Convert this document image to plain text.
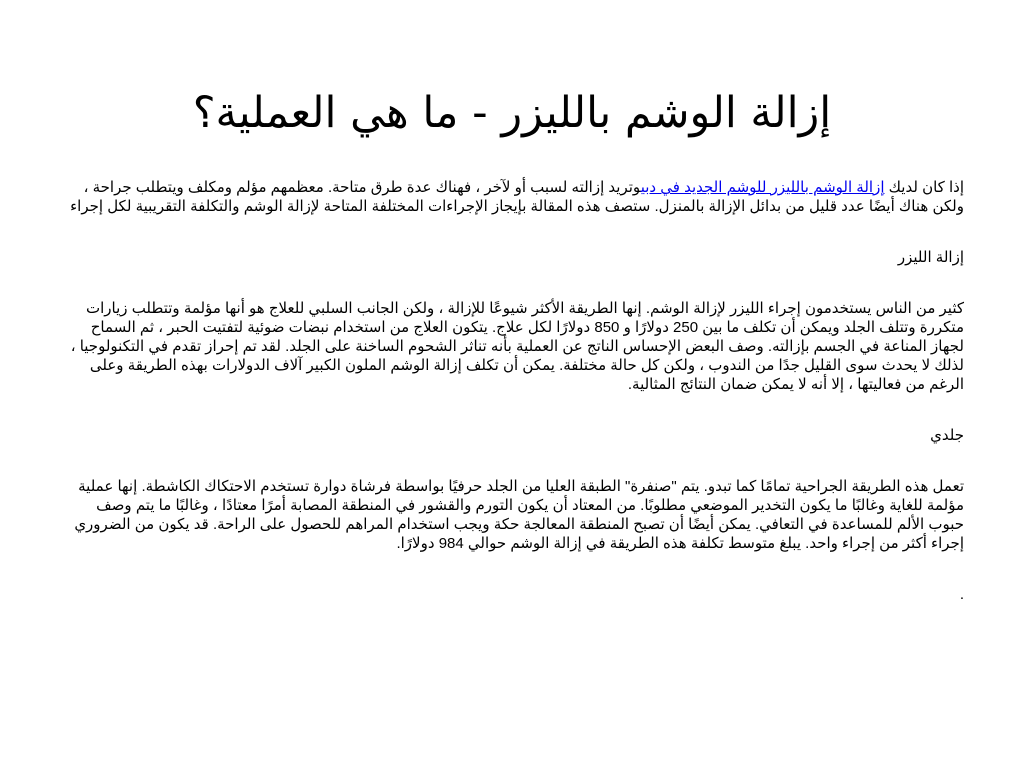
إزالة الوشم بالليزر - ما هي العملية؟

إذا كان لديك إزالة الوشم بالليزر للوشم الجديد في دبيوتريد إزالته لسبب أو لآخر ، فهناك عدة طرق متاحة. معظمهم مؤلم ومكلف ويتطلب جراحة ، ولكن هناك أيضًا عدد قليل من بدائل الإزالة بالمنزل. ستصف هذه المقالة بإيجاز الإجراءات المختلفة المتاحة لإزالة الوشم والتكلفة التقريبية لكل إجراء

إزالة الليزر

كثير من الناس يستخدمون إجراء الليزر لإزالة الوشم. إنها الطريقة الأكثر شيوعًا للإزالة ، ولكن الجانب السلبي للعلاج هو أنها مؤلمة وتتطلب زيارات متكررة وتتلف الجلد ويمكن أن تكلف ما بين 250 دولارًا و 850 دولارًا لكل علاج. يتكون العلاج من استخدام نبضات ضوئية لتفتيت الحبر ، ثم السماح لجهاز المناعة في الجسم بإزالته. وصف البعض الإحساس الناتج عن العملية بأنه تناثر الشحوم الساخنة على الجلد. لقد تم إحراز تقدم في التكنولوجيا ، لذلك لا يحدث سوى القليل جدًا من الندوب ، ولكن كل حالة مختلفة. يمكن أن تكلف إزالة الوشم الملون الكبير آلاف الدولارات بهذه الطريقة وعلى الرغم من فعاليتها ، إلا أنه لا يمكن ضمان النتائج المثالية.

جلدي

تعمل هذه الطريقة الجراحية تمامًا كما تبدو. يتم "صنفرة" الطبقة العليا من الجلد حرفيًا بواسطة فرشاة دوارة تستخدم الاحتكاك الكاشطة. إنها عملية مؤلمة للغاية وغالبًا ما يكون التخدير الموضعي مطلوبًا. من المعتاد أن يكون التورم والقشور في المنطقة المصابة أمرًا معتادًا ، وغالبًا ما يتم وصف حبوب الألم للمساعدة في التعافي. يمكن أيضًا أن تصبح المنطقة المعالجة حكة ويجب استخدام المراهم للحصول على الراحة. قد يكون من الضروري إجراء أكثر من إجراء واحد. يبلغ متوسط تكلفة هذه الطريقة في إزالة الوشم حوالي 984 دولارًا.

.
